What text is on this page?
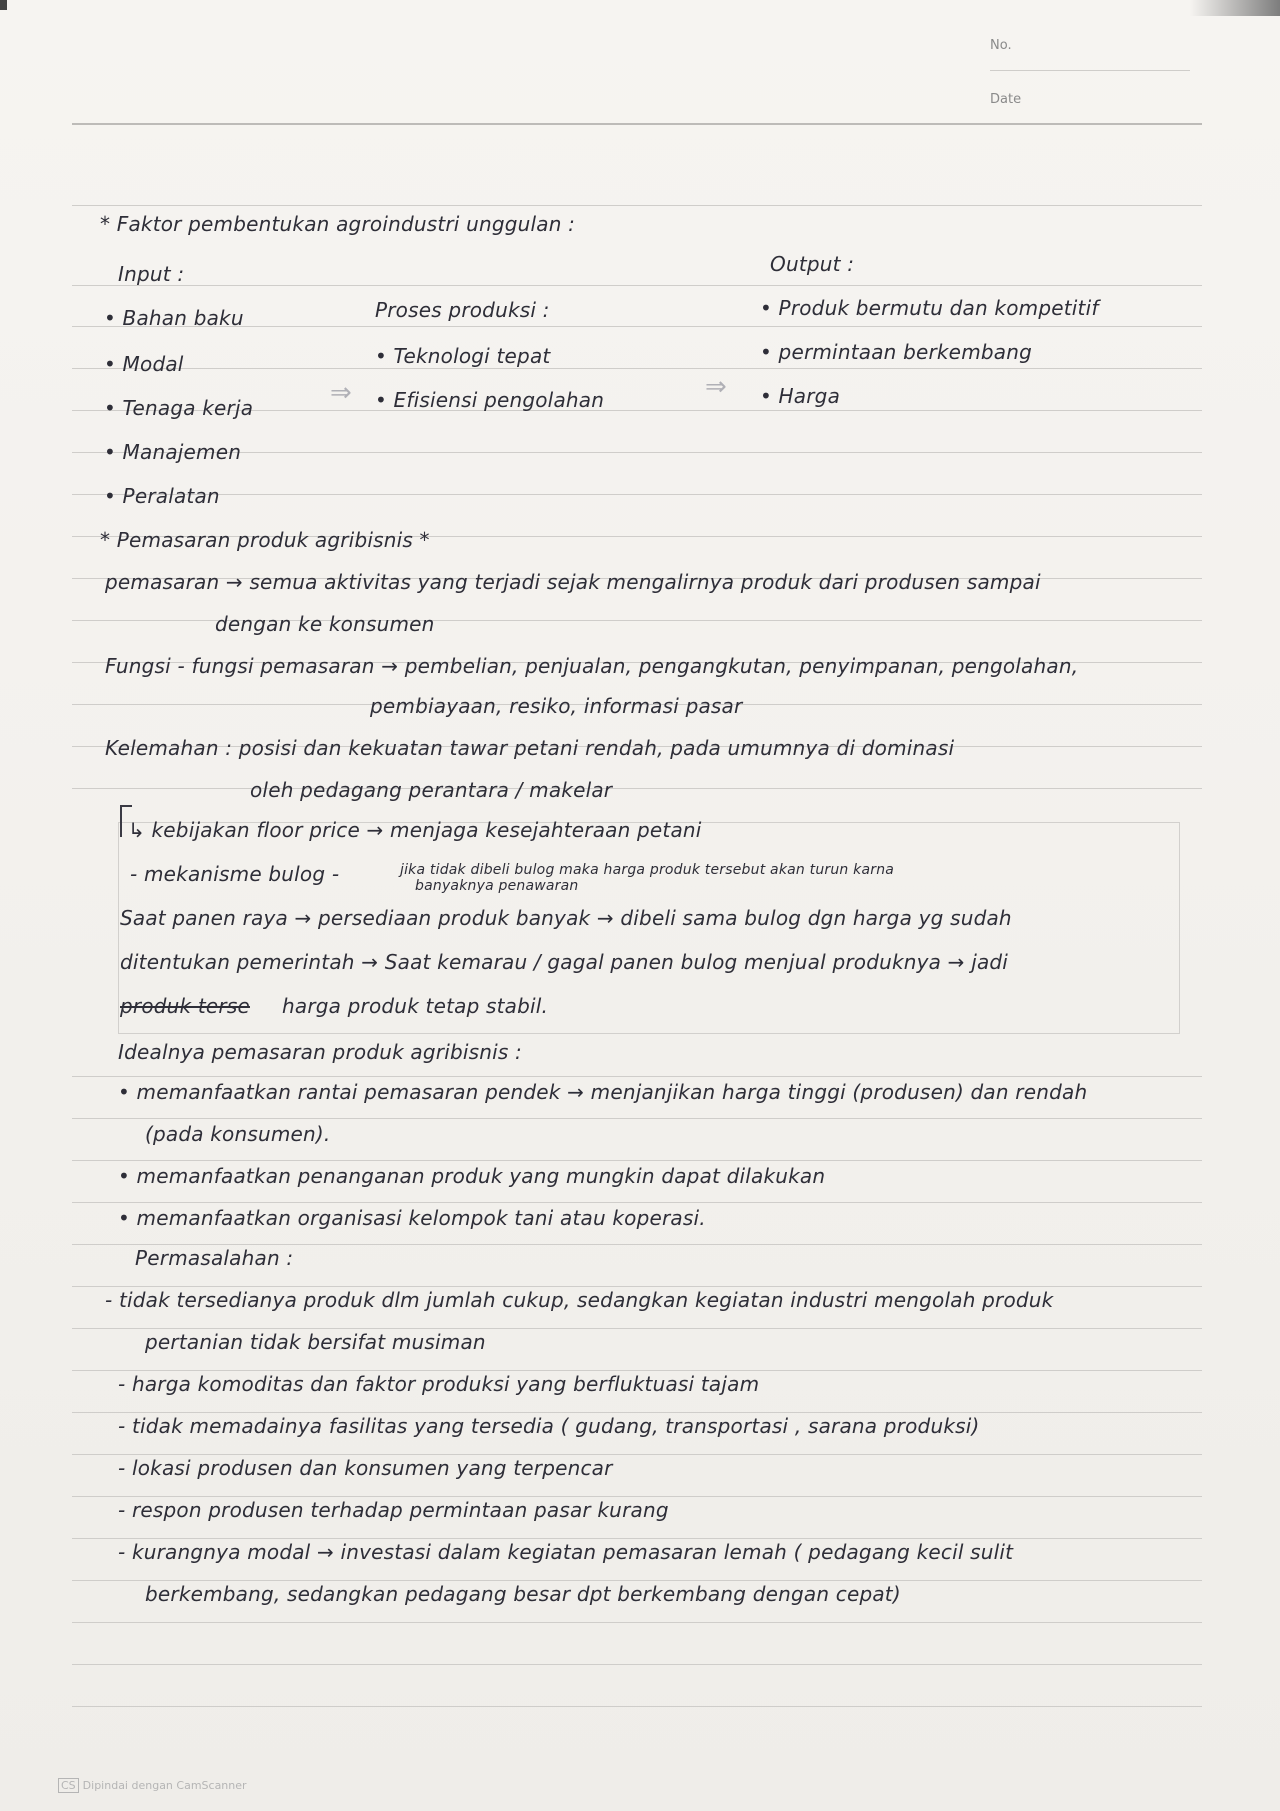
No.
Date
* Faktor pembentukan agroindustri unggulan :
Input :
• Bahan baku
• Modal
• Tenaga kerja
• Manajemen
• Peralatan
⇒
Proses produksi :
• Teknologi tepat
• Efisiensi pengolahan	⇒
Output :
• Produk bermutu dan kompetitif
• permintaan berkembang
• Harga
* Pemasaran produk agribisnis *
pemasaran → semua aktivitas yang terjadi sejak mengalirnya produk dari produsen sampai
dengan ke konsumen
Fungsi - fungsi pemasaran → pembelian, penjualan, pengangkutan, penyimpanan, pengolahan,
pembiayaan, resiko, informasi pasar
Kelemahan : posisi dan kekuatan tawar petani rendah, pada umumnya di dominasi
oleh pedagang perantara / makelar
↳ kebijakan floor price → menjaga kesejahteraan petani
- mekanisme bulog -	jika tidak dibeli bulog maka harga produk tersebut akan turun karna
banyaknya penawaran
Saat panen raya → persediaan produk banyak → dibeli sama bulog dgn harga yg sudah
ditentukan pemerintah → Saat kemarau / gagal panen bulog menjual produknya → jadi
produk terse harga produk tetap stabil.
Idealnya pemasaran produk agribisnis :
• memanfaatkan rantai pemasaran pendek → menjanjikan harga tinggi (produsen) dan rendah
(pada konsumen).
• memanfaatkan penanganan produk yang mungkin dapat dilakukan
• memanfaatkan organisasi kelompok tani atau koperasi.
Permasalahan :
- tidak tersedianya produk dlm jumlah cukup, sedangkan kegiatan industri mengolah produk
pertanian tidak bersifat musiman
- harga komoditas dan faktor produksi yang berfluktuasi tajam
- tidak memadainya fasilitas yang tersedia ( gudang, transportasi , sarana produksi)
- lokasi produsen dan konsumen yang terpencar
- respon produsen terhadap permintaan pasar kurang
- kurangnya modal → investasi dalam kegiatan pemasaran lemah ( pedagang kecil sulit
berkembang, sedangkan pedagang besar dpt berkembang dengan cepat)
CS Dipindai dengan CamScanner
